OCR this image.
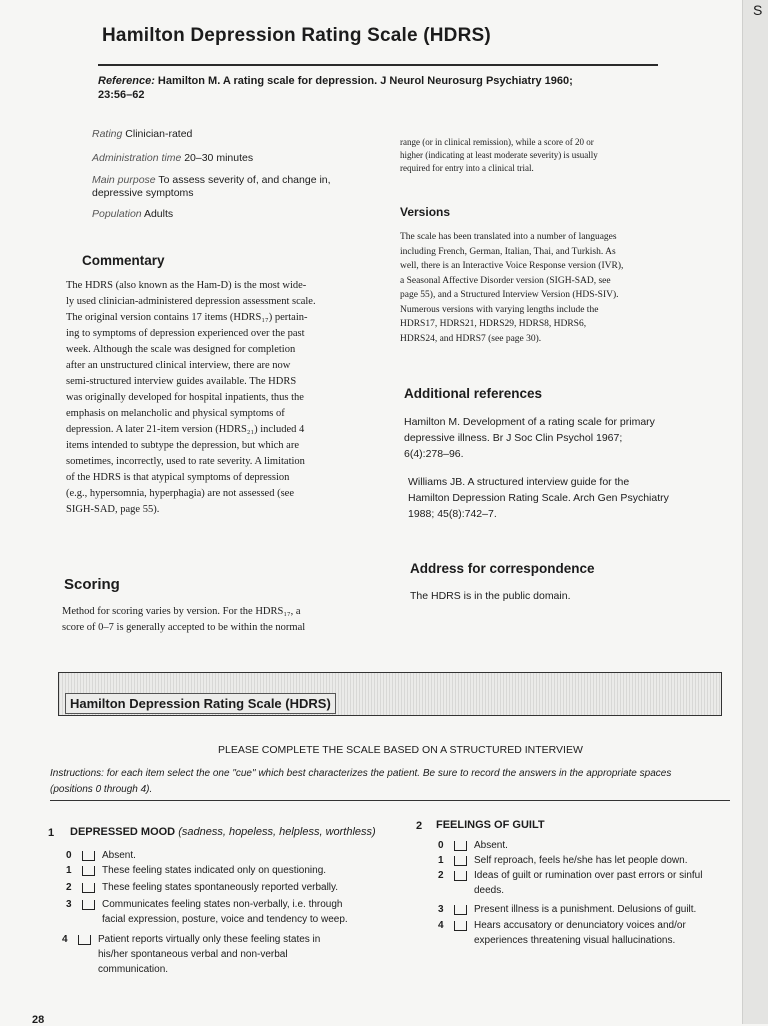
S
Hamilton Depression Rating Scale (HDRS)
Reference: Hamilton M. A rating scale for depression. J Neurol Neurosurg Psychiatry 1960;
23:56–62
Rating Clinician-rated
Administration time 20–30 minutes
Main purpose To assess severity of, and change in, depressive symptoms
Population Adults
Commentary
The HDRS (also known as the Ham-D) is the most wide-
ly used clinician-administered depression assessment scale.
The original version contains 17 items (HDRS₁₇) pertain-
ing to symptoms of depression experienced over the past
week. Although the scale was designed for completion
after an unstructured clinical interview, there are now
semi-structured interview guides available. The HDRS
was originally developed for hospital inpatients, thus the
emphasis on melancholic and physical symptoms of
depression. A later 21-item version (HDRS₂₁) included 4
items intended to subtype the depression, but which are
sometimes, incorrectly, used to rate severity. A limitation
of the HDRS is that atypical symptoms of depression
(e.g., hypersomnia, hyperphagia) are not assessed (see
SIGH-SAD, page 55).
Scoring
Method for scoring varies by version. For the HDRS₁₇, a
score of 0–7 is generally accepted to be within the normal
range (or in clinical remission), while a score of 20 or
higher (indicating at least moderate severity) is usually
required for entry into a clinical trial.
Versions
The scale has been translated into a number of languages
including French, German, Italian, Thai, and Turkish. As
well, there is an Interactive Voice Response version (IVR),
a Seasonal Affective Disorder version (SIGH-SAD, see
page 55), and a Structured Interview Version (HDS-SIV).
Numerous versions with varying lengths include the
HDRS17, HDRS21, HDRS29, HDRS8, HDRS6,
HDRS24, and HDRS7 (see page 30).
Additional references
Hamilton M. Development of a rating scale for primary
depressive illness. Br J Soc Clin Psychol 1967;
6(4):278–96.
Williams JB. A structured interview guide for the
Hamilton Depression Rating Scale. Arch Gen Psychiatry
1988; 45(8):742–7.
Address for correspondence
The HDRS is in the public domain.
Hamilton Depression Rating Scale (HDRS)
PLEASE COMPLETE THE SCALE BASED ON A STRUCTURED INTERVIEW
Instructions: for each item select the one "cue" which best characterizes the patient. Be sure to record the answers in the appropriate spaces
(positions 0 through 4).
1 DEPRESSED MOOD (sadness, hopeless, helpless, worthless)
0	Absent.
1	These feeling states indicated only on questioning.
2	These feeling states spontaneously reported verbally.
3	Communicates feeling states non-verbally, i.e. through
facial expression, posture, voice and tendency to weep.
4	Patient reports virtually only these feeling states in
his/her spontaneous verbal and non-verbal
communication.
2 FEELINGS OF GUILT
0	Absent.
1	Self reproach, feels he/she has let people down.
2	Ideas of guilt or rumination over past errors or sinful
deeds.
3	Present illness is a punishment. Delusions of guilt.
4	Hears accusatory or denunciatory voices and/or
experiences threatening visual hallucinations.
28
